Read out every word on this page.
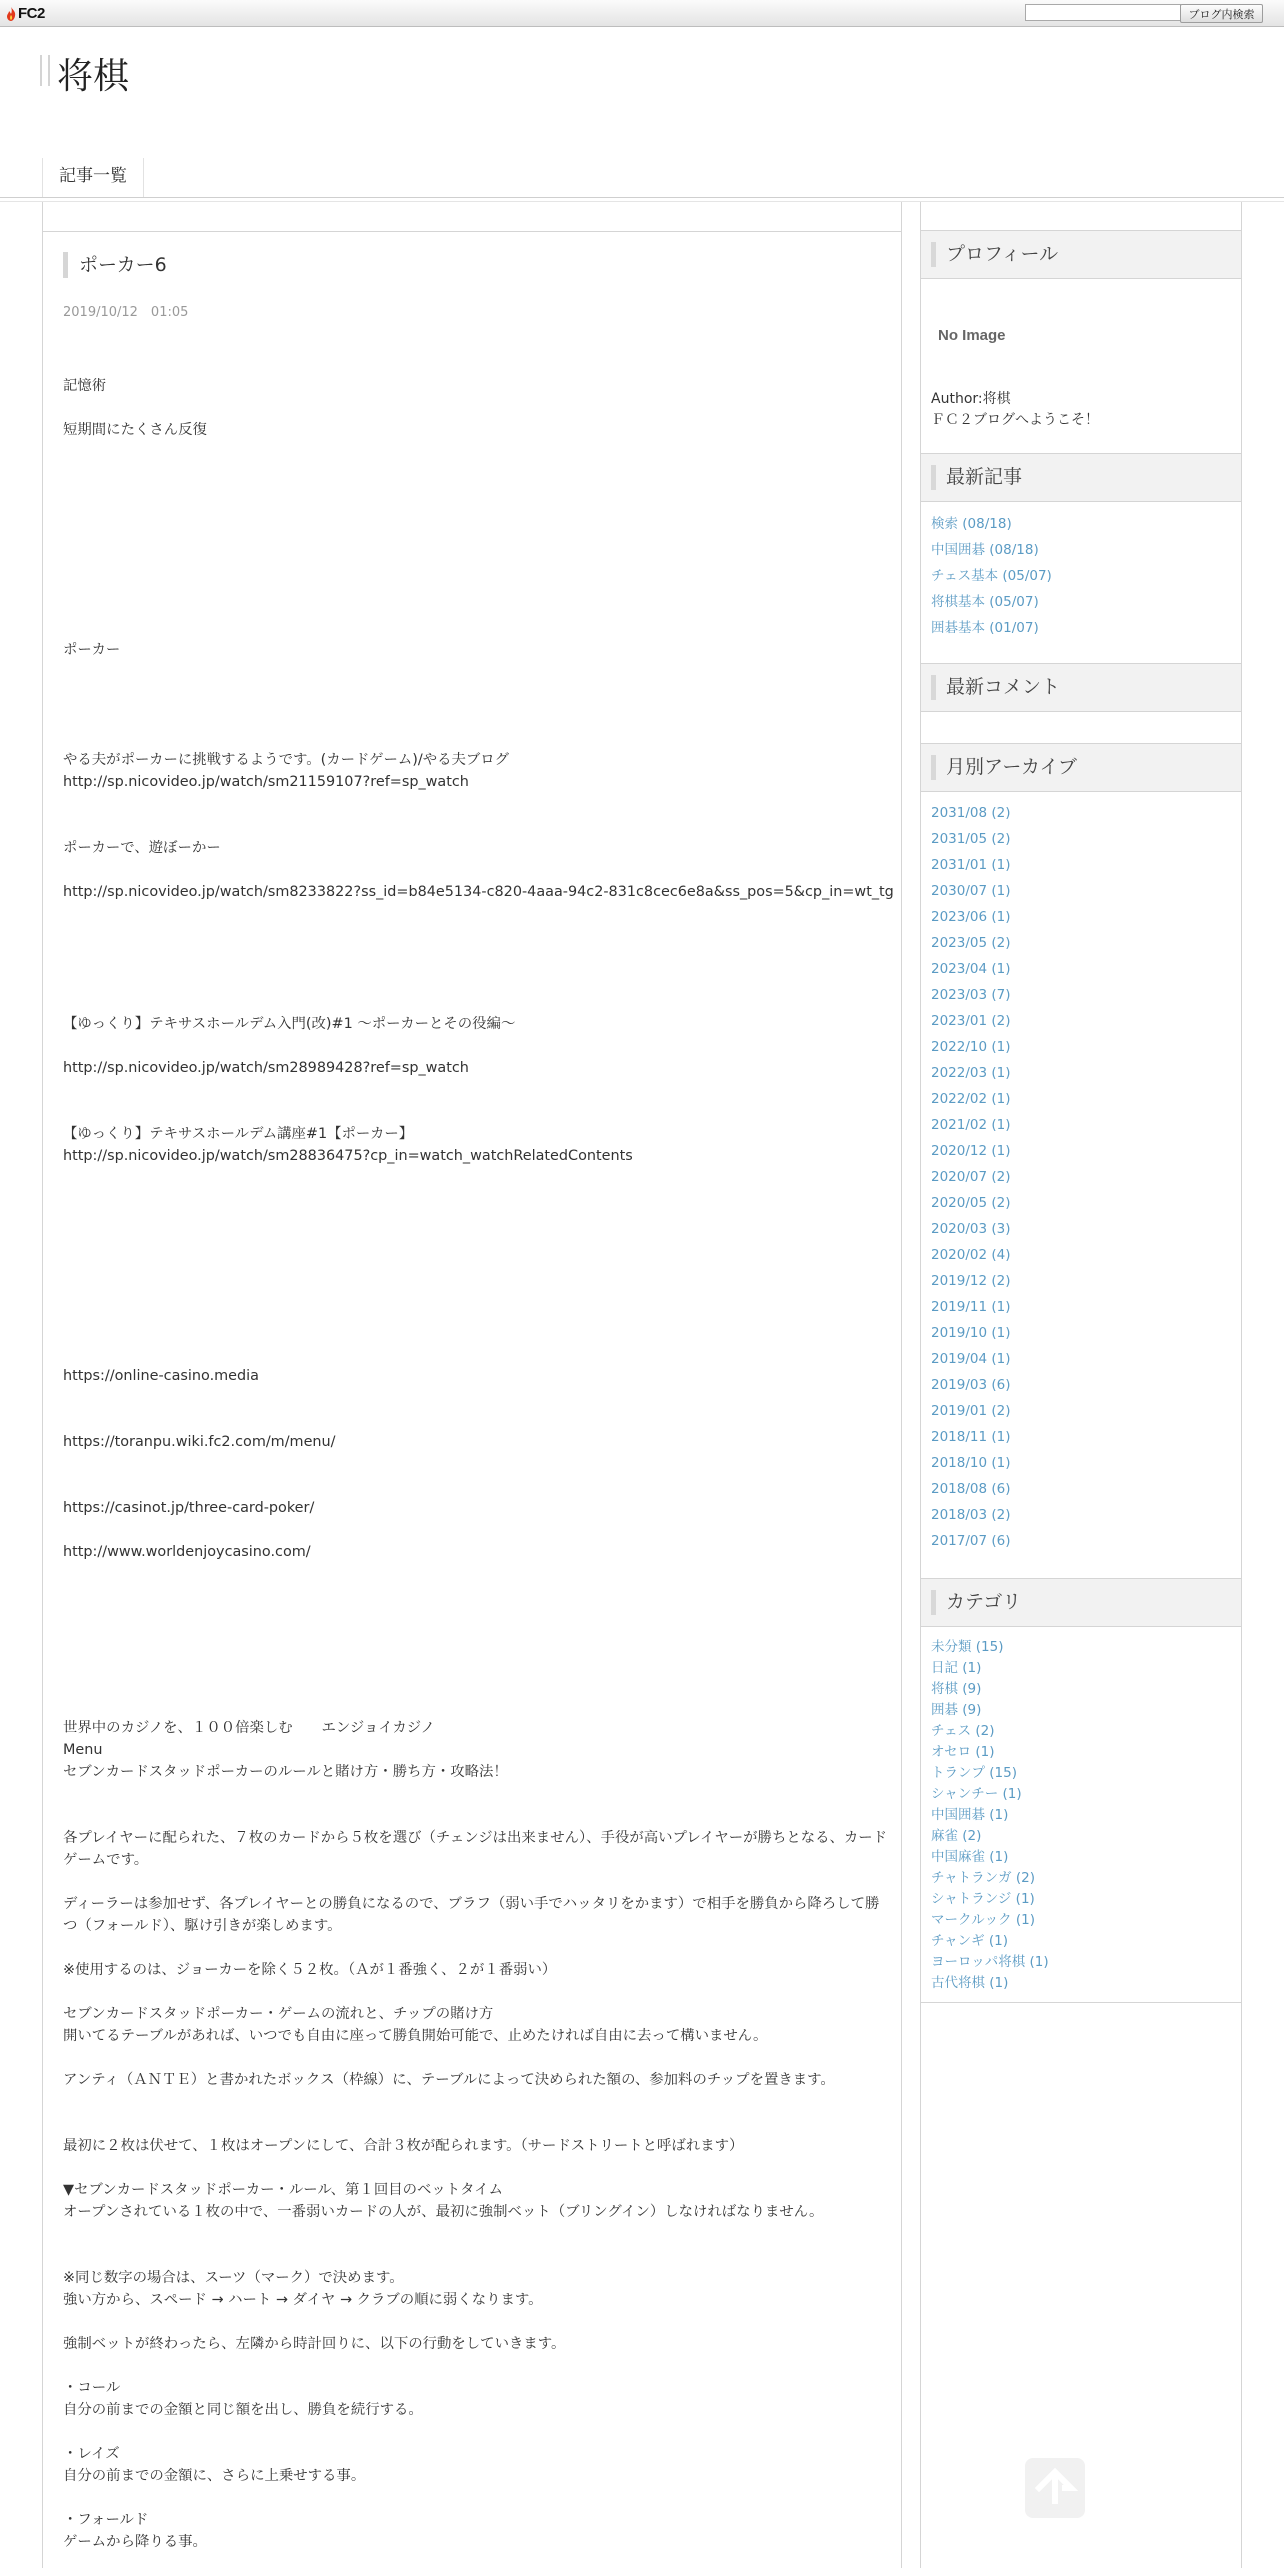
FC2	ブログ内検索
将棋
記事一覧
ポーカー6
2019/10/12　01:05
記憶術
短期間にたくさん反復
ポーカー
やる夫がポーカーに挑戦するようです。(カードゲーム)/やる夫ブログ
http://sp.nicovideo.jp/watch/sm21159107?ref=sp_watch
ポーカーで、遊ぼーかー
http://sp.nicovideo.jp/watch/sm8233822?ss_id=b84e5134-c820-4aaa-94c2-831c8cec6e8a&ss_pos=5&cp_in=wt_tg
【ゆっくり】テキサスホールデム入門(改)#1 ～ポーカーとその役編～
http://sp.nicovideo.jp/watch/sm28989428?ref=sp_watch
【ゆっくり】テキサスホールデム講座#1【ポーカー】
http://sp.nicovideo.jp/watch/sm28836475?cp_in=watch_watchRelatedContents
https://online-casino.media
https://toranpu.wiki.fc2.com/m/menu/
https://casinot.jp/three-card-poker/
http://www.worldenjoycasino.com/
世界中のカジノを、１００倍楽しむ　　エンジョイカジノ
Menu
セブンカードスタッドポーカーのルールと賭け方・勝ち方・攻略法！
各プレイヤーに配られた、７枚のカードから５枚を選び（チェンジは出来ません）、手役が高いプレイヤーが勝ちとなる、カードゲームです。
ディーラーは参加せず、各プレイヤーとの勝負になるので、ブラフ（弱い手でハッタリをかます）で相手を勝負から降ろして勝つ（フォールド）、駆け引きが楽しめます。
※使用するのは、ジョーカーを除く５２枚。（Ａが１番強く、２が１番弱い）
セブンカードスタッドポーカー・ゲームの流れと、チップの賭け方
開いてるテーブルがあれば、いつでも自由に座って勝負開始可能で、止めたければ自由に去って構いません。
アンティ（ＡＮＴＥ）と書かれたボックス（枠線）に、テーブルによって決められた額の、参加料のチップを置きます。
最初に２枚は伏せて、１枚はオープンにして、合計３枚が配られます。（サードストリートと呼ばれます）
▼セブンカードスタッドポーカー・ルール、第１回目のベットタイム
オープンされている１枚の中で、一番弱いカードの人が、最初に強制ベット（ブリングイン）しなければなりません。
※同じ数字の場合は、スーツ（マーク）で決めます。
強い方から、スペード → ハート → ダイヤ → クラブの順に弱くなります。
強制ベットが終わったら、左隣から時計回りに、以下の行動をしていきます。
・コール
自分の前までの金額と同じ額を出し、勝負を続行する。
・レイズ
自分の前までの金額に、さらに上乗せする事。
・フォールド
ゲームから降りる事。
プロフィール
No Image
Author:将棋
ＦＣ２ブログへようこそ！
最新記事
検索 (08/18)
中国囲碁 (08/18)
チェス基本 (05/07)
将棋基本 (05/07)
囲碁基本 (01/07)
最新コメント
月別アーカイブ
2031/08 (2)
2031/05 (2)
2031/01 (1)
2030/07 (1)
2023/06 (1)
2023/05 (2)
2023/04 (1)
2023/03 (7)
2023/01 (2)
2022/10 (1)
2022/03 (1)
2022/02 (1)
2021/02 (1)
2020/12 (1)
2020/07 (2)
2020/05 (2)
2020/03 (3)
2020/02 (4)
2019/12 (2)
2019/11 (1)
2019/10 (1)
2019/04 (1)
2019/03 (6)
2019/01 (2)
2018/11 (1)
2018/10 (1)
2018/08 (6)
2018/03 (2)
2017/07 (6)
カテゴリ
未分類 (15)
日記 (1)
将棋 (9)
囲碁 (9)
チェス (2)
オセロ (1)
トランプ (15)
シャンチー (1)
中国囲碁 (1)
麻雀 (2)
中国麻雀 (1)
チャトランガ (2)
シャトランジ (1)
マークルック (1)
チャンギ (1)
ヨーロッパ将棋 (1)
古代将棋 (1)
